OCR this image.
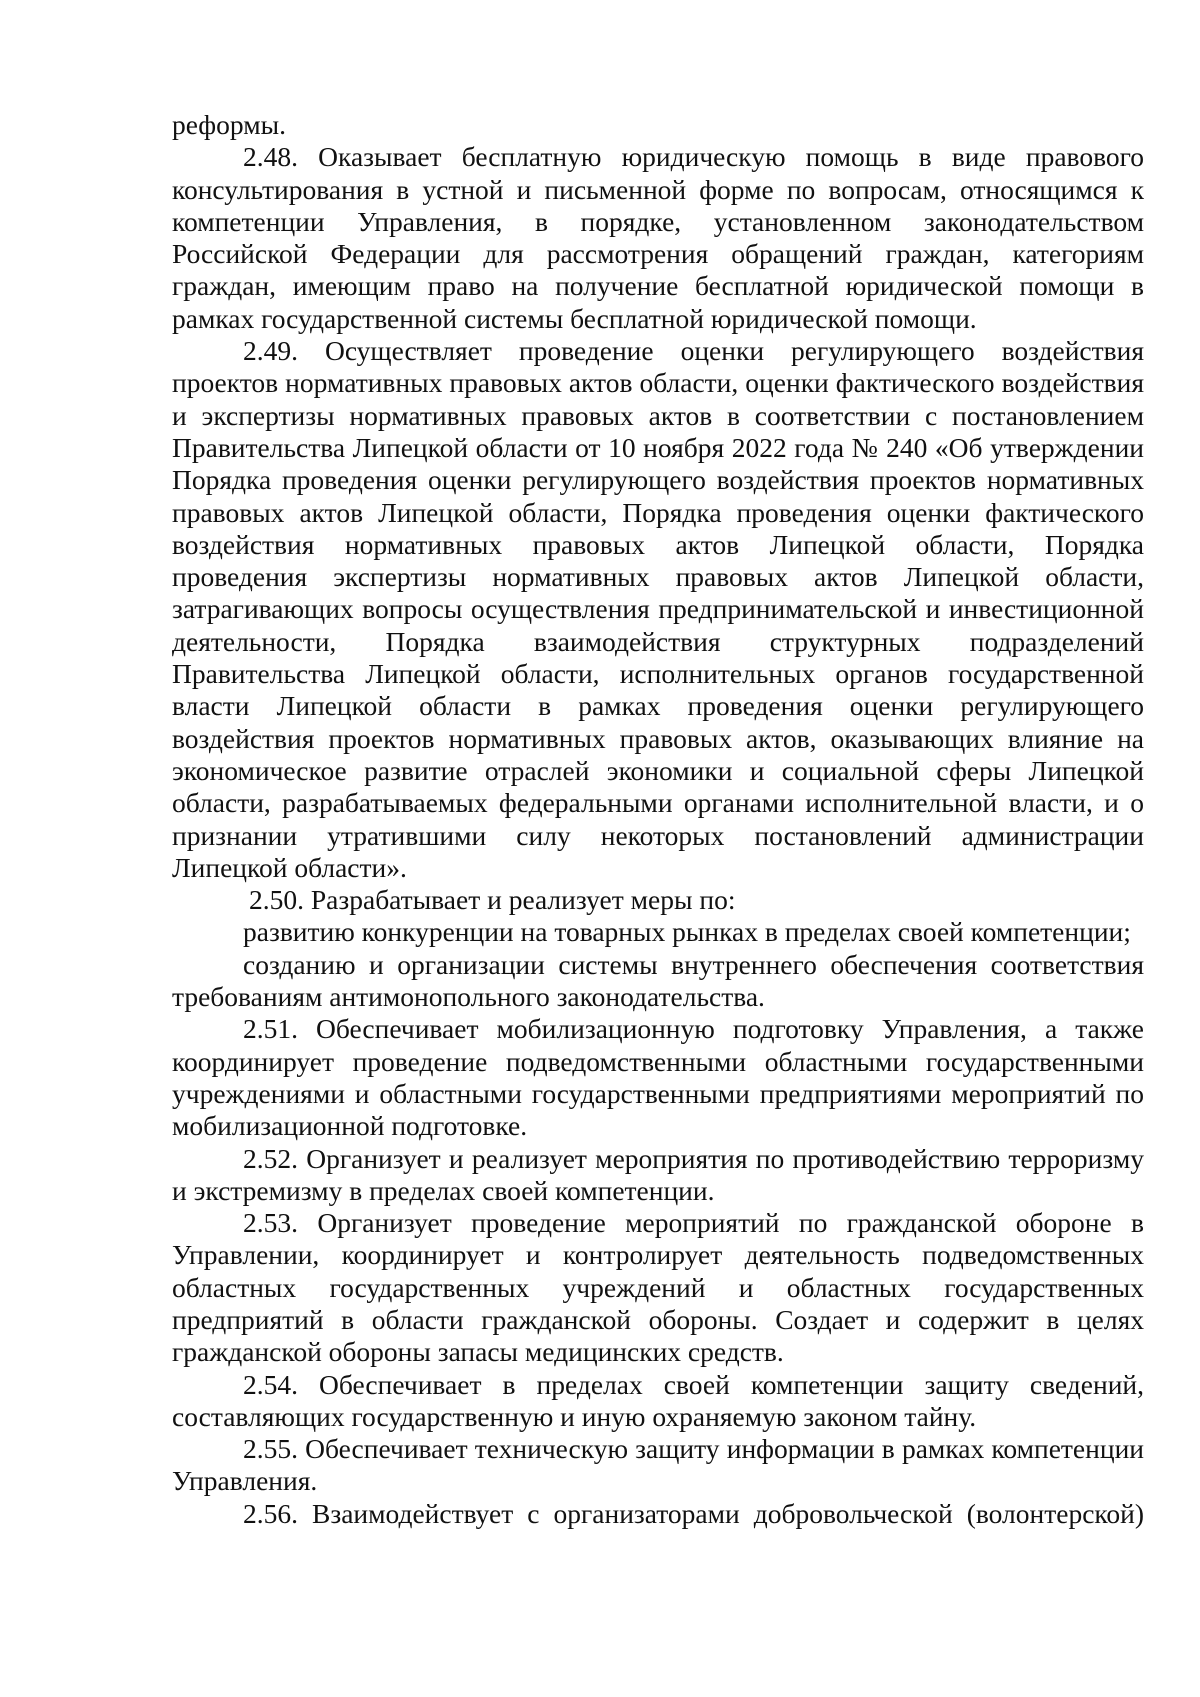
реформы.

2.48. Оказывает бесплатную юридическую помощь в виде правового консультирования в устной и письменной форме по вопросам, относящимся к компетенции Управления, в порядке, установленном законодательством Российской Федерации для рассмотрения обращений граждан, категориям граждан, имеющим право на получение бесплатной юридической помощи в рамках государственной системы бесплатной юридической помощи.

2.49. Осуществляет проведение оценки регулирующего воздействия проектов нормативных правовых актов области, оценки фактического воздействия и экспертизы нормативных правовых актов в соответствии с постановлением Правительства Липецкой области от 10 ноября 2022 года № 240 «Об утверждении Порядка проведения оценки регулирующего воздействия проектов нормативных правовых актов Липецкой области, Порядка проведения оценки фактического воздействия нормативных правовых актов Липецкой области, Порядка проведения экспертизы нормативных правовых актов Липецкой области, затрагивающих вопросы осуществления предпринимательской и инвестиционной деятельности, Порядка взаимодействия структурных подразделений Правительства Липецкой области, исполнительных органов государственной власти Липецкой области в рамках проведения оценки регулирующего воздействия проектов нормативных правовых актов, оказывающих влияние на экономическое развитие отраслей экономики и социальной сферы Липецкой области, разрабатываемых федеральными органами исполнительной власти, и о признании утратившими силу некоторых постановлений администрации Липецкой области».

2.50. Разрабатывает и реализует меры по:

развитию конкуренции на товарных рынках в пределах своей компетенции;

созданию и организации системы внутреннего обеспечения соответствия требованиям антимонопольного законодательства.

2.51. Обеспечивает мобилизационную подготовку Управления, а также координирует проведение подведомственными областными государственными учреждениями и областными государственными предприятиями мероприятий по мобилизационной подготовке.

2.52. Организует и реализует мероприятия по противодействию терроризму и экстремизму в пределах своей компетенции.

2.53. Организует проведение мероприятий по гражданской обороне в Управлении, координирует и контролирует деятельность подведомственных областных государственных учреждений и областных государственных предприятий в области гражданской обороны. Создает и содержит в целях гражданской обороны запасы медицинских средств.

2.54. Обеспечивает в пределах своей компетенции защиту сведений, составляющих государственную и иную охраняемую законом тайну.

2.55. Обеспечивает техническую защиту информации в рамках компетенции Управления.

2.56. Взаимодействует с организаторами добровольческой (волонтерской)
